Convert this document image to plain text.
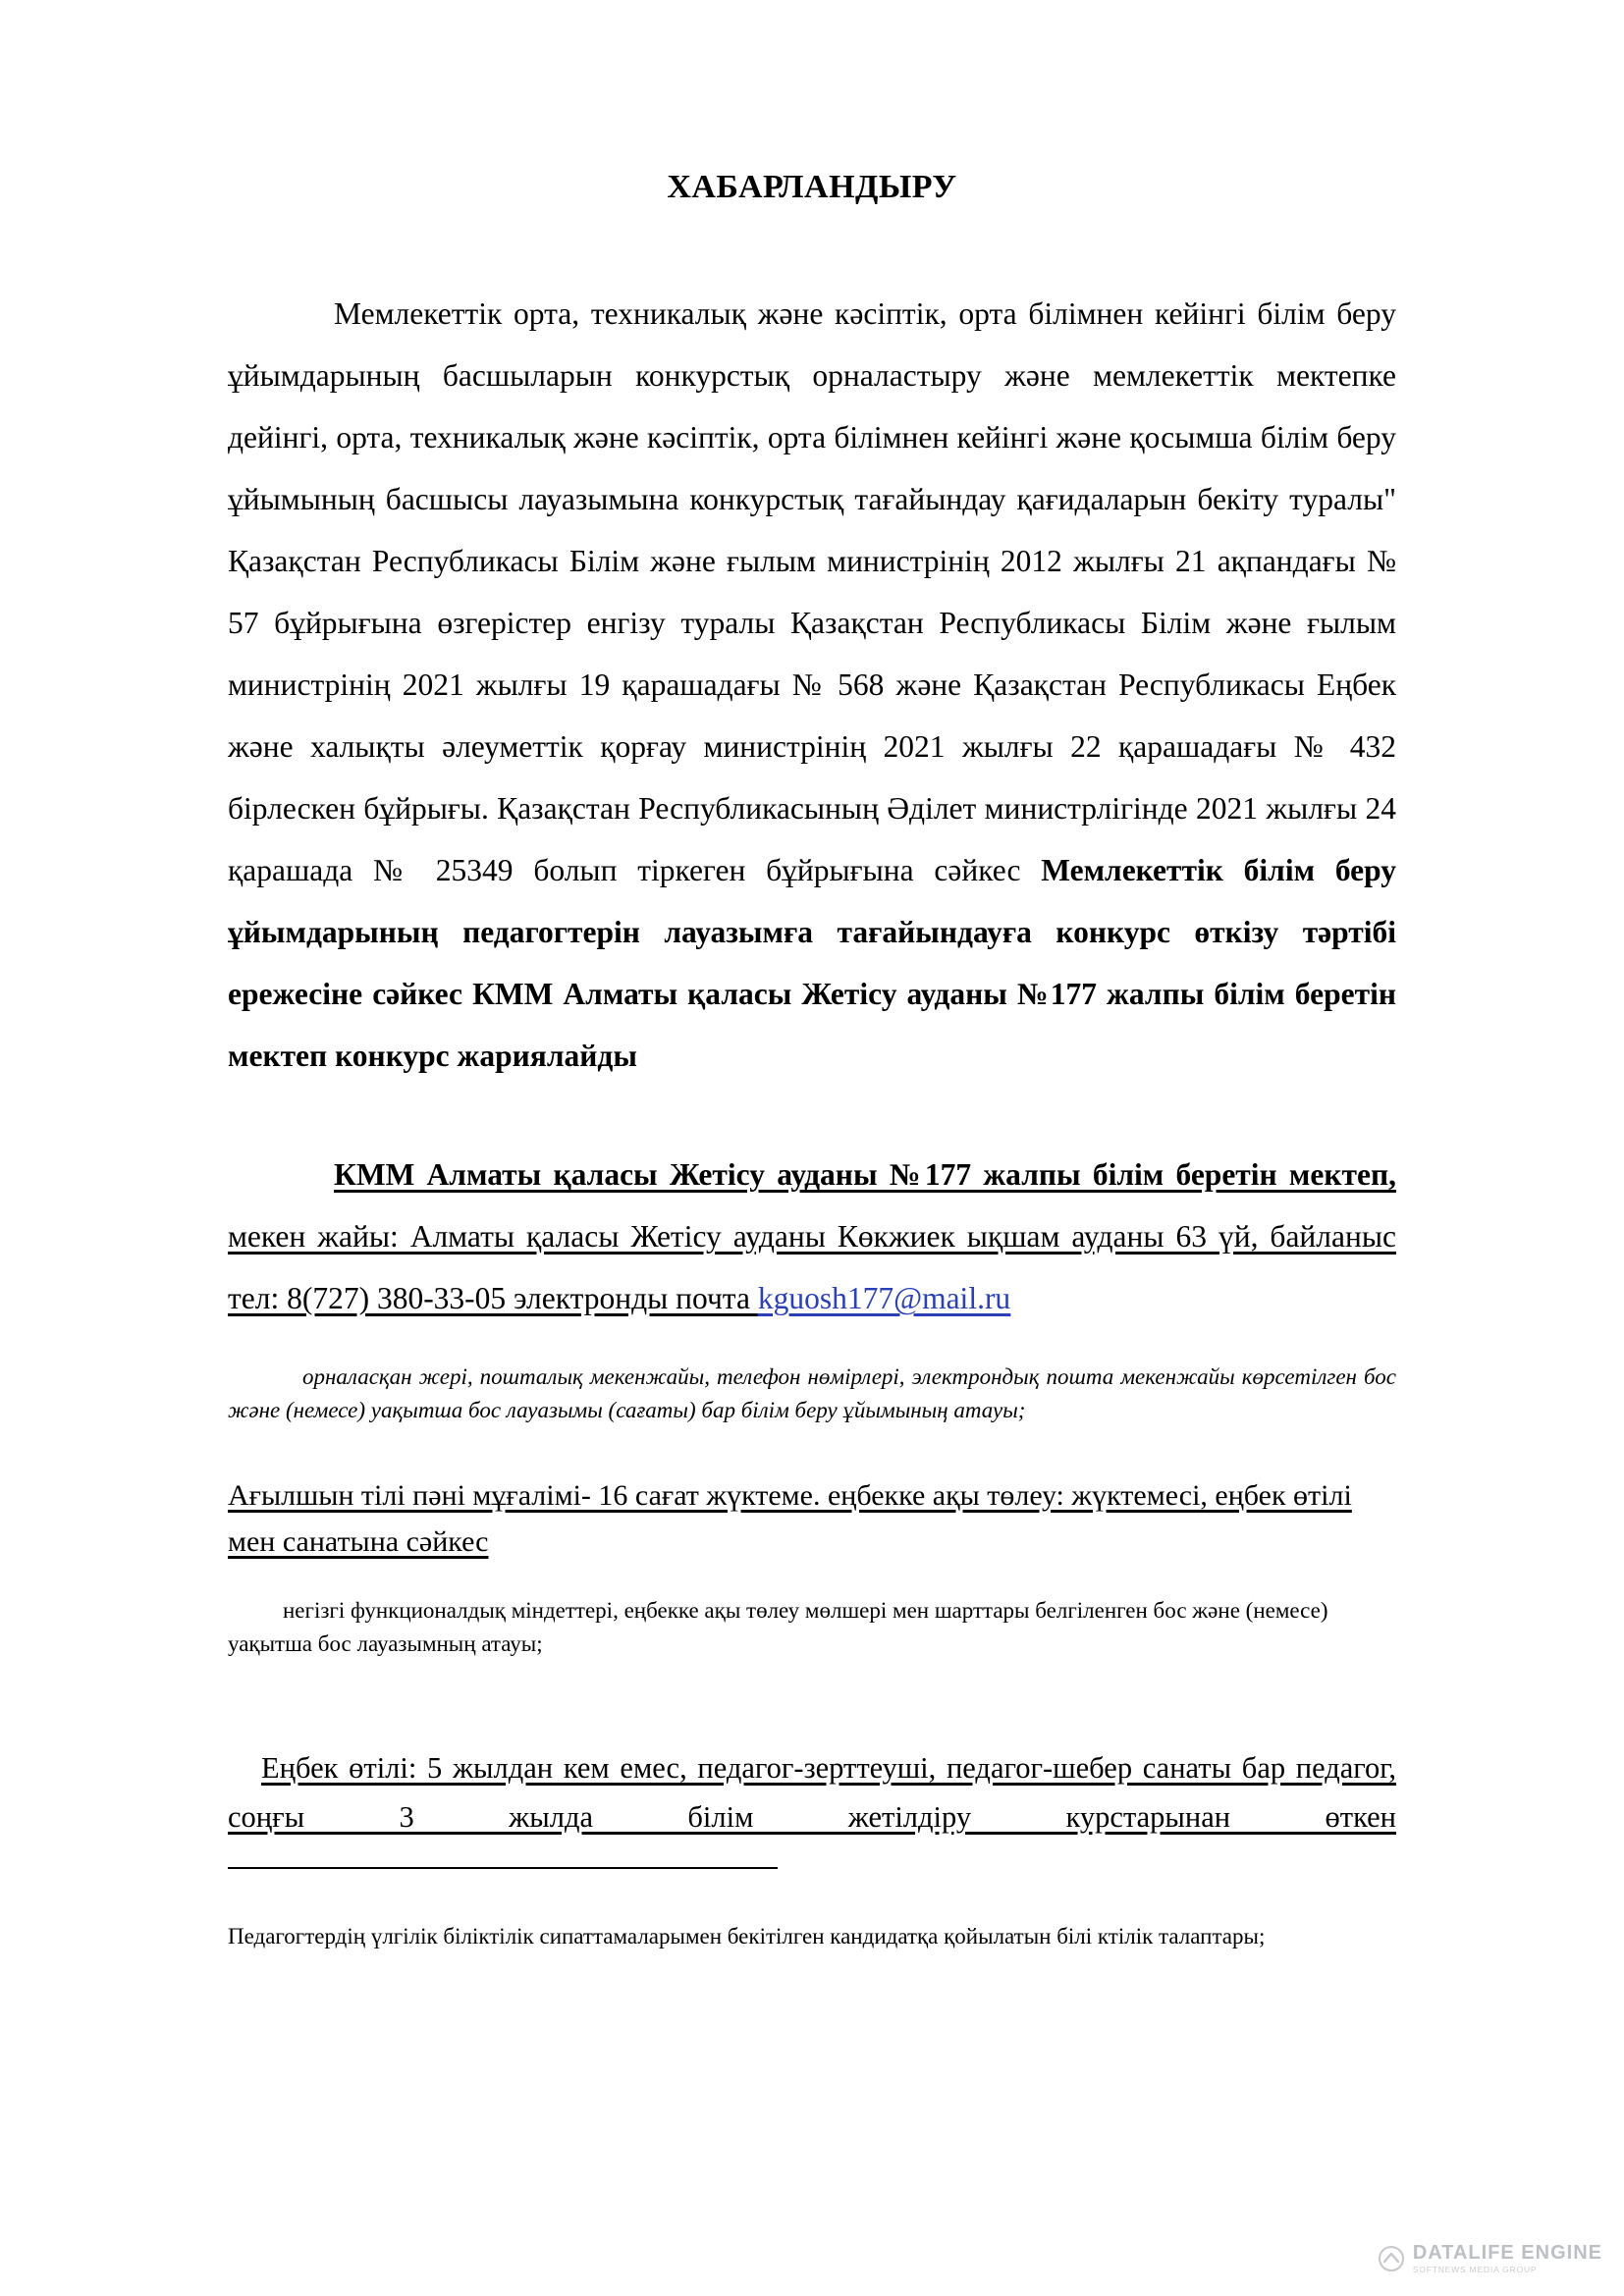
ХАБАРЛАНДЫРУ

Мемлекеттік орта, техникалық және кәсіптік, орта білімнен кейінгі білім беру ұйымдарының басшыларын конкурстық орналастыру және мемлекеттік мектепке дейінгі, орта, техникалық және кәсіптік, орта білімнен кейінгі және қосымша білім беру ұйымының басшысы лауазымына конкурстық тағайындау қағидаларын бекіту туралы" Қазақстан Республикасы Білім және ғылым министрінің 2012 жылғы 21 ақпандағы № 57 бұйрығына өзгерістер енгізу туралы Қазақстан Республикасы Білім және ғылым министрінің 2021 жылғы 19 қарашадағы № 568 және Қазақстан Республикасы Еңбек және халықты әлеуметтік қорғау министрінің 2021 жылғы 22 қарашадағы № 432 бірлескен бұйрығы. Қазақстан Республикасының Әділет министрлігінде 2021 жылғы 24 қарашада № 25349 болып тіркеген бұйрығына сәйкес Мемлекеттік білім беру ұйымдарының педагогтерін лауазымға тағайындауға конкурс өткізу тәртібі ережесіне сәйкес КММ Алматы қаласы Жетісу ауданы №177 жалпы білім беретін мектеп конкурс жариялайды

КММ Алматы қаласы Жетісу ауданы №177 жалпы білім беретін мектеп, мекен жайы: Алматы қаласы Жетісу ауданы Көкжиек ықшам ауданы 63 үй, байланыс тел: 8(727) 380-33-05 электронды почта kguosh177@mail.ru

орналасқан жері, пошталық мекенжайы, телефон нөмірлері, электрондық пошта мекенжайы көрсетілген бос және (немесе) уақытша бос лауазымы (сағаты) бар білім беру ұйымының атауы;

Ағылшын тілі пәні мұғалімі- 16 сағат жүктеме. еңбекке ақы төлеу: жүктемесі, еңбек өтілі мен санатына сәйкес

негізгі функционалдық міндеттері, еңбекке ақы төлеу мөлшері мен шарттары белгіленген бос және (немесе) уақытша бос лауазымның атауы;

Еңбек өтілі: 5 жылдан кем емес, педагог-зерттеуші, педагог-шебер санаты бар педагог, соңғы 3 жылда білім жетілдіру курстарынан өткен

Педагогтердің үлгілік біліктілік сипаттамаларымен бекітілген кандидатқа қойылатын білі ктілік талаптары;

DATALIFE ENGINE
SOFTNEWS MEDIA GROUP
